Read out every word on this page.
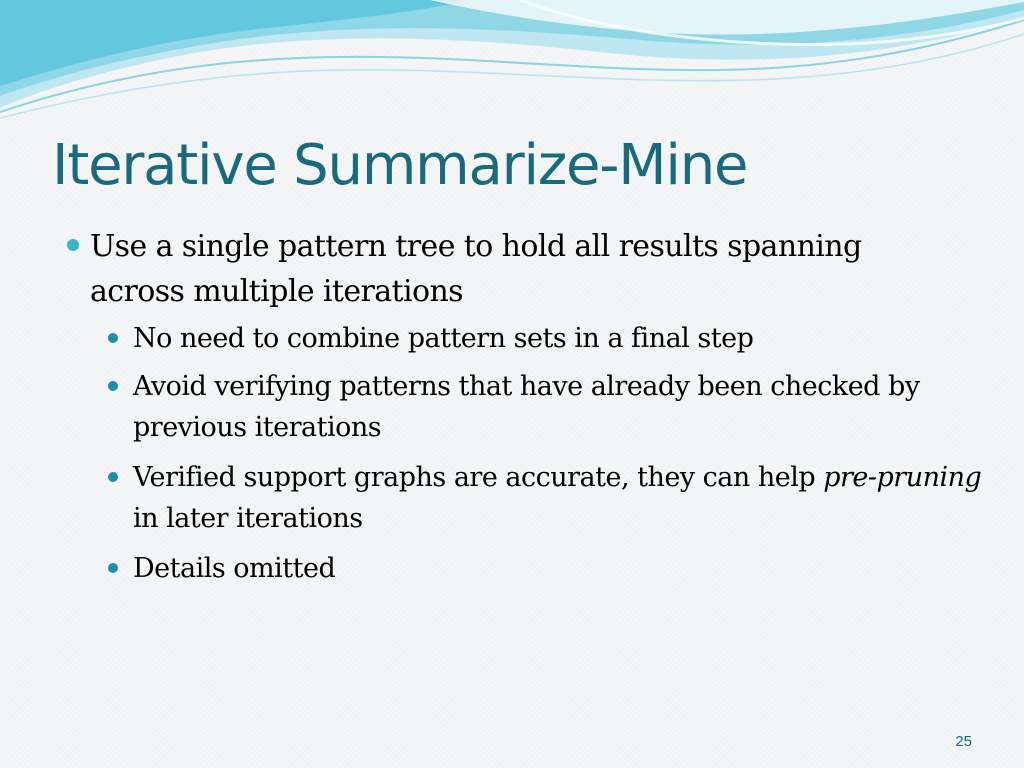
Iterative Summarize-Mine
Use a single pattern tree to hold all results spanning across multiple iterations
No need to combine pattern sets in a final step
Avoid verifying patterns that have already been checked by previous iterations
Verified support graphs are accurate, they can help pre-pruning in later iterations
Details omitted
25
